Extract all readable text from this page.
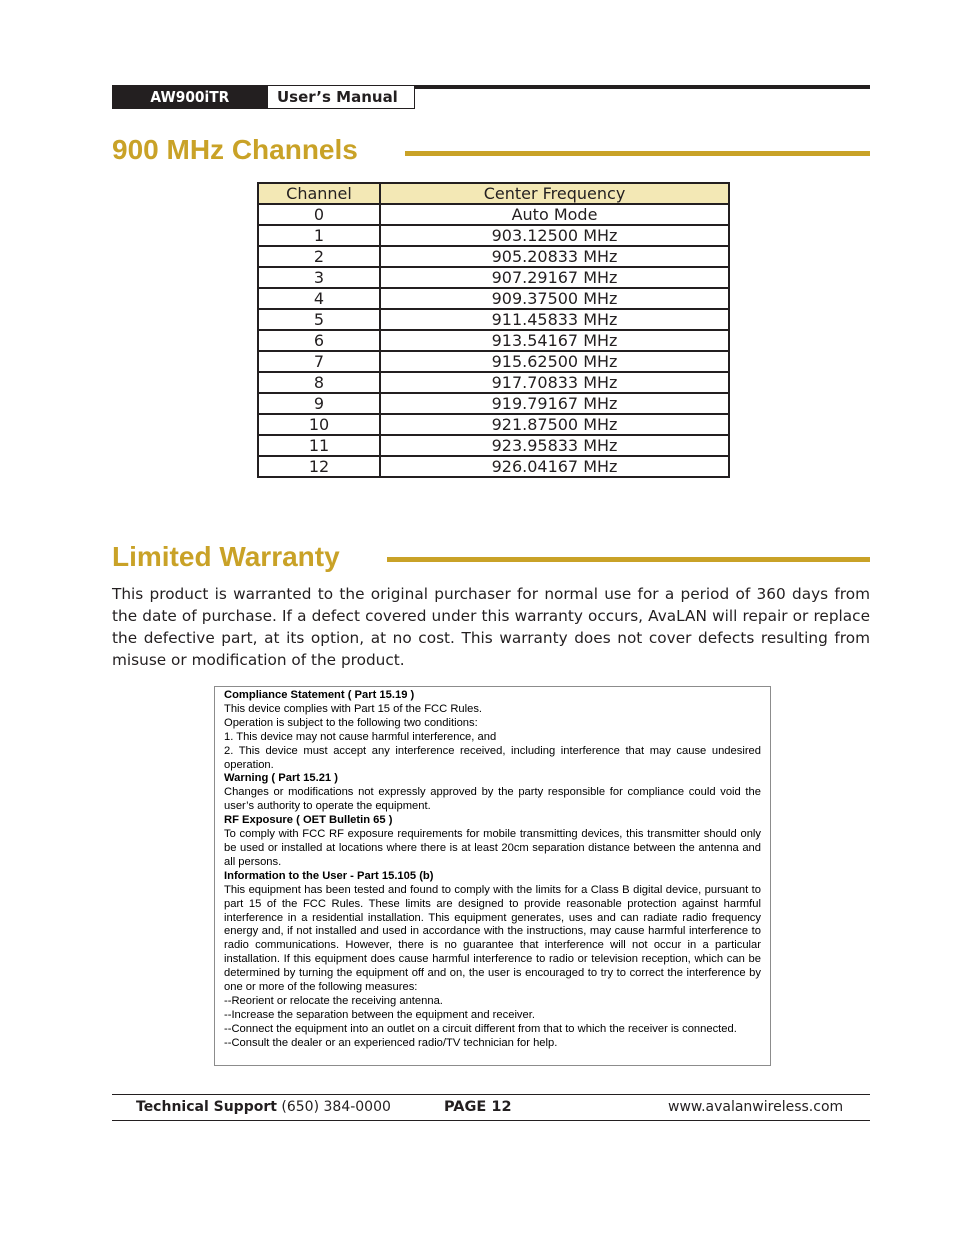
AW900iTR	User’s Manual
900 MHz Channels
Channel	Center Frequency
0	Auto Mode
1	903.12500 MHz
2	905.20833 MHz
3	907.29167 MHz
4	909.37500 MHz
5	911.45833 MHz
6	913.54167 MHz
7	915.62500 MHz
8	917.70833 MHz
9	919.79167 MHz
10	921.87500 MHz
11	923.95833 MHz
12	926.04167 MHz
Limited Warranty
This product is warranted to the original purchaser for normal use for a period of 360 days from the date of purchase. If a defect covered under this warranty occurs, AvaLAN will repair or replace the defective part, at its option, at no cost. This warranty does not cover defects resulting from misuse or modification of the product.

Compliance Statement ( Part 15.19 )

This device complies with Part 15 of the FCC Rules.

Operation is subject to the following two conditions:

1. This device may not cause harmful interference, and

2. This device must accept any interference received, including interference that may cause undesired operation.

Warning ( Part 15.21 )

Changes or modifications not expressly approved by the party responsible for compliance could void the user’s authority to operate the equipment.

RF Exposure ( OET Bulletin 65 )

To comply with FCC RF exposure requirements for mobile transmitting devices, this transmitter should only be used or installed at locations where there is at least 20cm separation distance between the antenna and all persons.

Information to the User - Part 15.105 (b)

This equipment has been tested and found to comply with the limits for a Class B digital device, pursuant to part 15 of the FCC Rules. These limits are designed to provide reasonable protection against harmful interference in a residential installation. This equipment generates, uses and can radiate radio frequency energy and, if not installed and used in accordance with the instructions, may cause harmful interference to radio communications. However, there is no guarantee that interference will not occur in a particular installation. If this equipment does cause harmful interference to radio or television reception, which can be determined by turning the equipment off and on, the user is encouraged to try to correct the interference by one or more of the following measures:

--Reorient or relocate the receiving antenna.

--Increase the separation between the equipment and receiver.

--Connect the equipment into an outlet on a circuit different from that to which the receiver is connected.

--Consult the dealer or an experienced radio/TV technician for help.

Technical Support (650) 384-0000	PAGE 12	www.avalanwireless.com
